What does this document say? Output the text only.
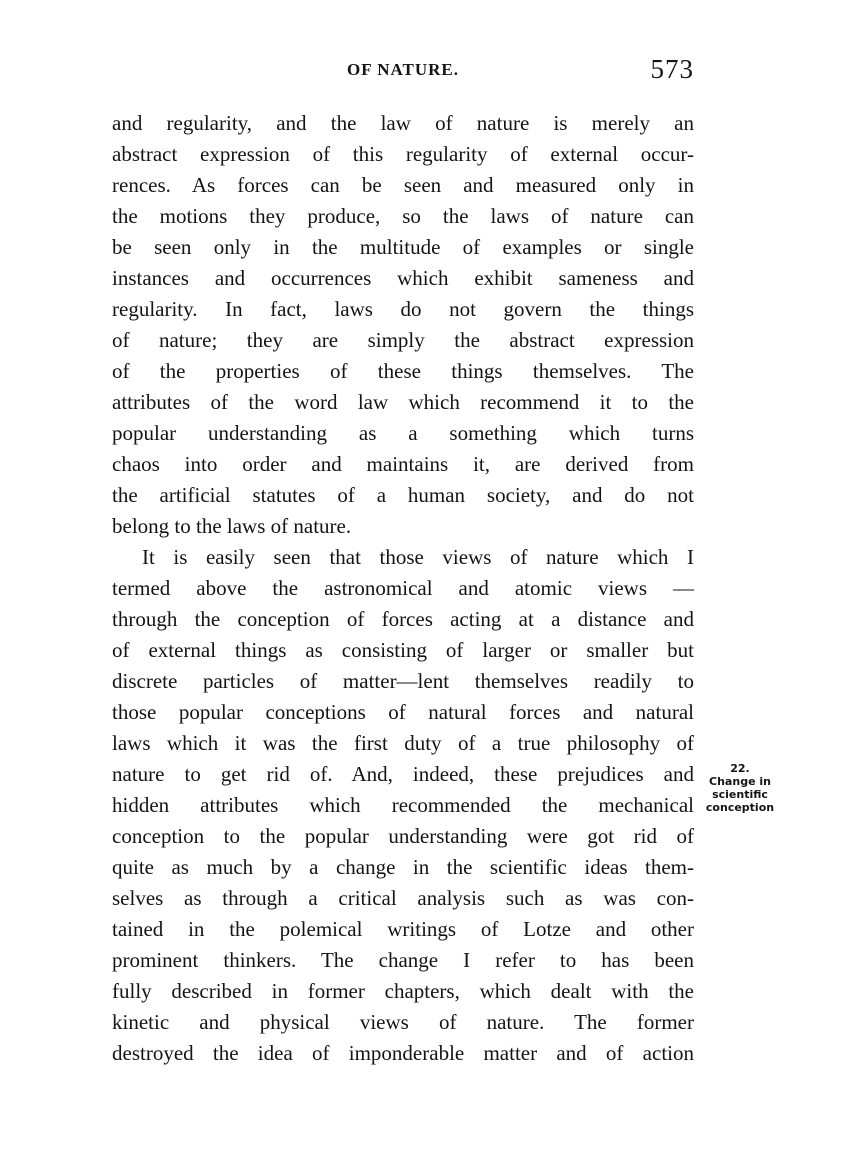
OF NATURE.	573
and regularity, and the law of nature is merely an
abstract expression of this regularity of external occur-
rences. As forces can be seen and measured only in
the motions they produce, so the laws of nature can
be seen only in the multitude of examples or single
instances and occurrences which exhibit sameness and
regularity. In fact, laws do not govern the things
of nature; they are simply the abstract expression
of the properties of these things themselves. The
attributes of the word law which recommend it to the
popular understanding as a something which turns
chaos into order and maintains it, are derived from
the artificial statutes of a human society, and do not
belong to the laws of nature.
It is easily seen that those views of nature which I
termed above the astronomical and atomic views —
through the conception of forces acting at a distance and
of external things as consisting of larger or smaller but
discrete particles of matter—lent themselves readily to
those popular conceptions of natural forces and natural
laws which it was the first duty of a true philosophy of
nature to get rid of. And, indeed, these prejudices and
hidden attributes which recommended the mechanical
conception to the popular understanding were got rid of
quite as much by a change in the scientific ideas them-
selves as through a critical analysis such as was con-
tained in the polemical writings of Lotze and other
prominent thinkers. The change I refer to has been
fully described in former chapters, which dealt with the
kinetic and physical views of nature. The former
destroyed the idea of imponderable matter and of action
22.
Change in
scientific
conception
